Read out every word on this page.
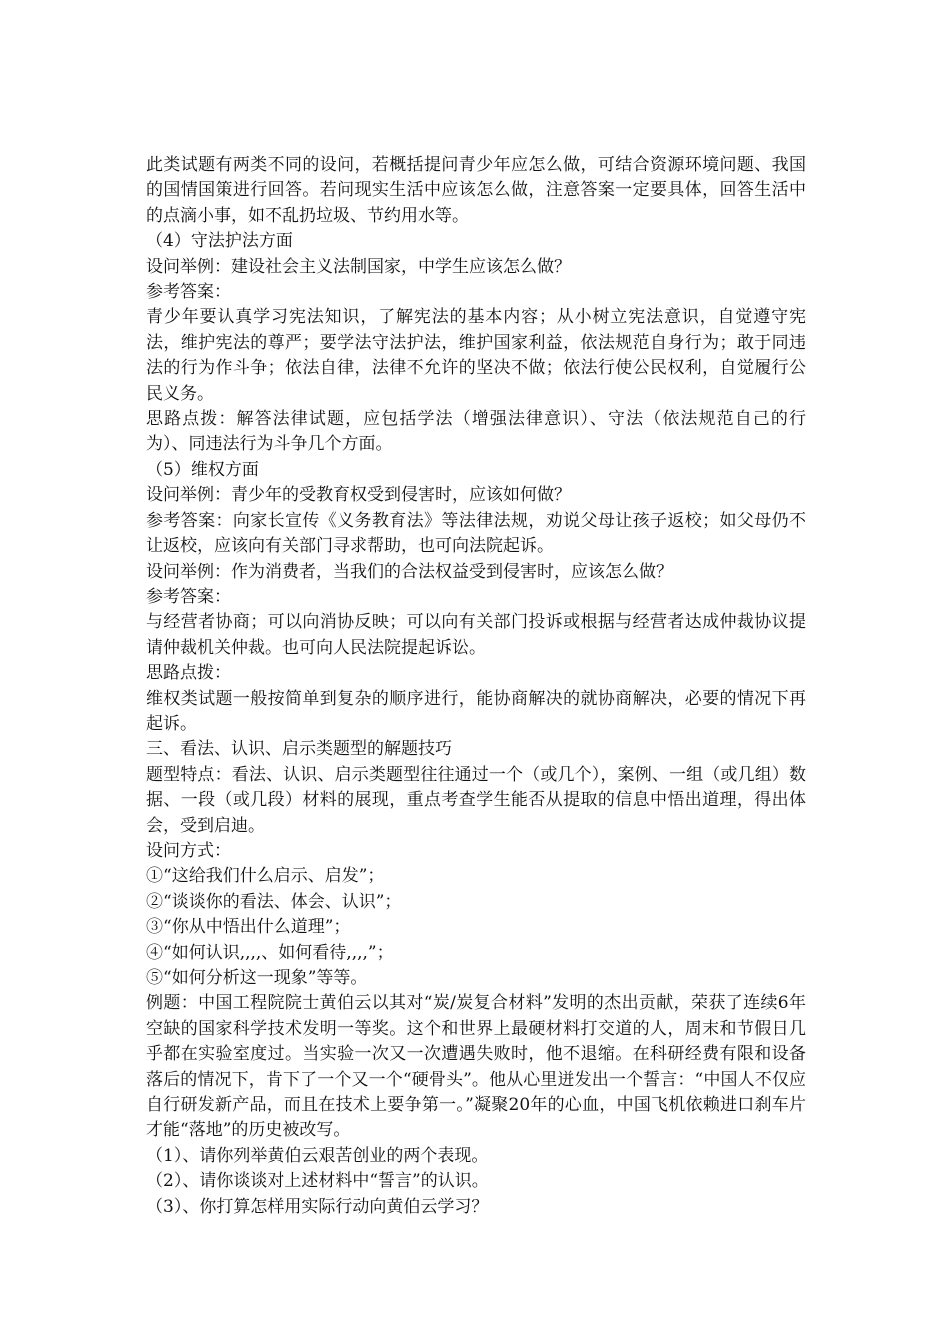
此类试题有两类不同的设问，若概括提问青少年应怎么做，可结合资源环境问题、我国的国情国策进行回答。若问现实生活中应该怎么做，注意答案一定要具体，回答生活中的点滴小事，如不乱扔垃圾、节约用水等。

（4）守法护法方面

设问举例：建设社会主义法制国家，中学生应该怎么做？

参考答案：

青少年要认真学习宪法知识，了解宪法的基本内容；从小树立宪法意识，自觉遵守宪法，维护宪法的尊严；要学法守法护法，维护国家利益，依法规范自身行为；敢于同违法的行为作斗争；依法自律，法律不允许的坚决不做；依法行使公民权利，自觉履行公民义务。

思路点拨：解答法律试题，应包括学法（增强法律意识）、守法（依法规范自己的行为）、同违法行为斗争几个方面。

（5）维权方面

设问举例：青少年的受教育权受到侵害时，应该如何做？

参考答案：向家长宣传《义务教育法》等法律法规，劝说父母让孩子返校；如父母仍不让返校，应该向有关部门寻求帮助，也可向法院起诉。

设问举例：作为消费者，当我们的合法权益受到侵害时，应该怎么做？

参考答案：

与经营者协商；可以向消协反映；可以向有关部门投诉或根据与经营者达成仲裁协议提请仲裁机关仲裁。也可向人民法院提起诉讼。

思路点拨：

维权类试题一般按简单到复杂的顺序进行，能协商解决的就协商解决，必要的情况下再起诉。

三、看法、认识、启示类题型的解题技巧

题型特点：看法、认识、启示类题型往往通过一个（或几个），案例、一组（或几组）数据、一段（或几段）材料的展现，重点考查学生能否从提取的信息中悟出道理，得出体会，受到启迪。

设问方式：

①“这给我们什么启示、启发”；

②“谈谈你的看法、体会、认识”；

③“你从中悟出什么道理”；

④“如何认识,,,,、如何看待,,,,”；

⑤“如何分析这一现象”等等。

例题：中国工程院院士黄伯云以其对“炭/炭复合材料”发明的杰出贡献，荣获了连续6年空缺的国家科学技术发明一等奖。这个和世界上最硬材料打交道的人，周末和节假日几乎都在实验室度过。当实验一次又一次遭遇失败时，他不退缩。在科研经费有限和设备落后的情况下，肯下了一个又一个“硬骨头”。他从心里迸发出一个誓言：“中国人不仅应自行研发新产品，而且在技术上要争第一。”凝聚20年的心血，中国飞机依赖进口刹车片才能“落地”的历史被改写。

（1）、请你列举黄伯云艰苦创业的两个表现。

（2）、请你谈谈对上述材料中“誓言”的认识。

（3）、你打算怎样用实际行动向黄伯云学习？
